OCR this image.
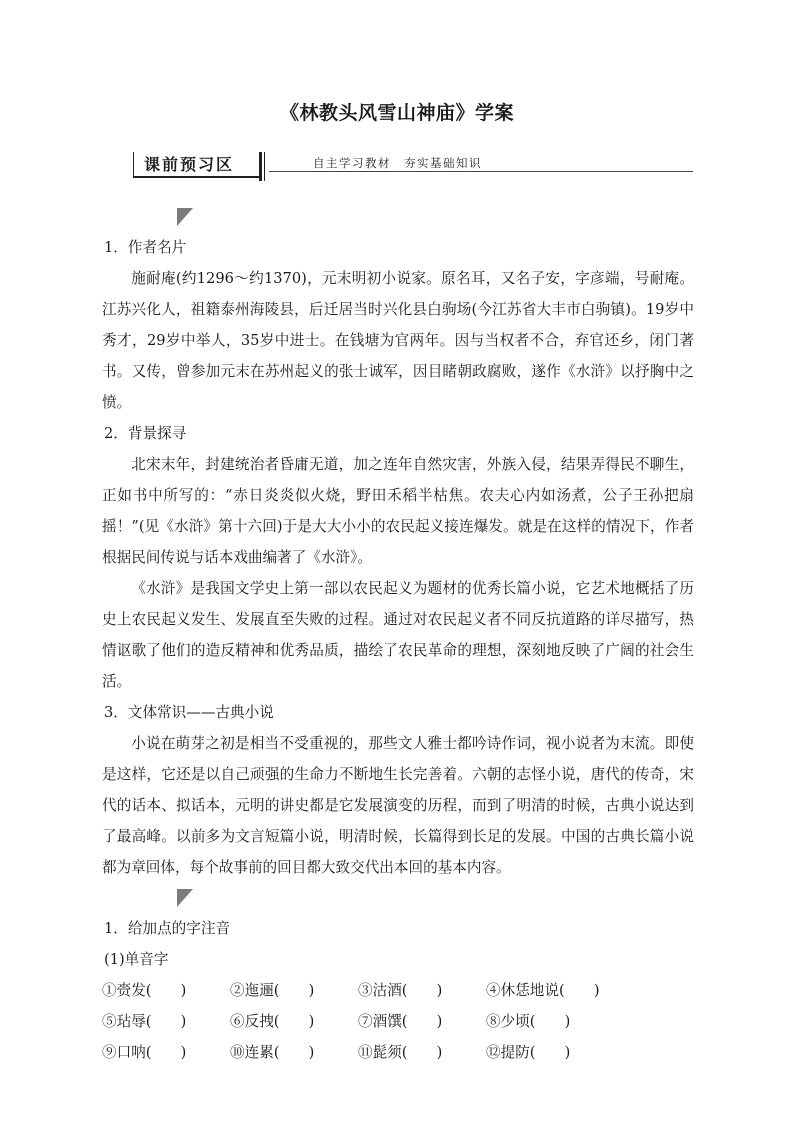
《林教头风雪山神庙》学案
课前预习区	自主学习教材　夯实基础知识
文本助读

1．作者名片

施耐庵(约1296～约1370)，元末明初小说家。原名耳，又名子安，字彦端，号耐庵。江苏兴化人，祖籍泰州海陵县，后迁居当时兴化县白驹场(今江苏省大丰市白驹镇)。19岁中秀才，29岁中举人，35岁中进士。在钱塘为官两年。因与当权者不合，弃官还乡，闭门著书。又传，曾参加元末在苏州起义的张士诚军，因目睹朝政腐败，遂作《水浒》以抒胸中之愤。

2．背景探寻

北宋末年，封建统治者昏庸无道，加之连年自然灾害，外族入侵，结果弄得民不聊生，正如书中所写的：“赤日炎炎似火烧，野田禾稻半枯焦。农夫心内如汤煮，公子王孙把扇摇！”(见《水浒》第十六回)于是大大小小的农民起义接连爆发。就是在这样的情况下，作者根据民间传说与话本戏曲编著了《水浒》。

《水浒》是我国文学史上第一部以农民起义为题材的优秀长篇小说，它艺术地概括了历史上农民起义发生、发展直至失败的过程。通过对农民起义者不同反抗道路的详尽描写，热情讴歌了他们的造反精神和优秀品质，描绘了农民革命的理想，深刻地反映了广阔的社会生活。

3．文体常识——古典小说

小说在萌芽之初是相当不受重视的，那些文人雅士都吟诗作词，视小说者为末流。即使是这样，它还是以自己顽强的生命力不断地生长完善着。六朝的志怪小说，唐代的传奇，宋代的话本、拟话本，元明的讲史都是它发展演变的历程，而到了明清的时候，古典小说达到了最高峰。以前多为文言短篇小说，明清时候，长篇得到长足的发展。中国的古典长篇小说都为章回体，每个故事前的回目都大致交代出本回的基本内容。

自主梳理

1．给加点的字注音

(1)单音字

①赍发(　　)	②迤逦(　　)	③沽酒(　　)	④休恁地说(　　)
⑤玷辱(　　)	⑥反拽(　　)	⑦酒馔(　　)	⑧少顷(　　)
⑨口呐(　　)	⑩连累(　　)	⑪髭须(　　)	⑫提防(　　)
